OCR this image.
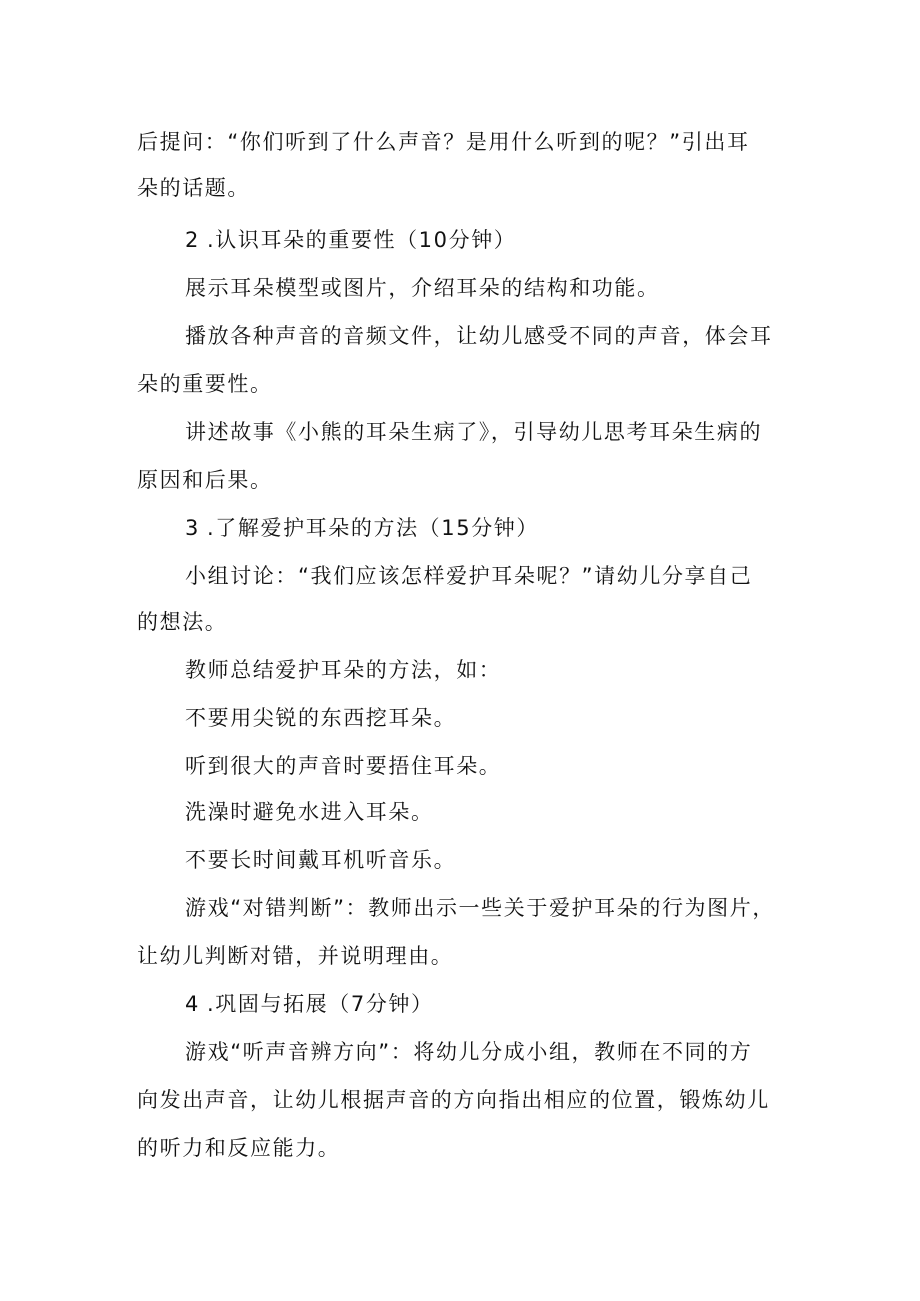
后提问：“你们听到了什么声音？是用什么听到的呢？”引出耳
朵的话题。
2 .认识耳朵的重要性（10分钟）
展示耳朵模型或图片，介绍耳朵的结构和功能。
播放各种声音的音频文件，让幼儿感受不同的声音，体会耳
朵的重要性。
讲述故事《小熊的耳朵生病了》，引导幼儿思考耳朵生病的
原因和后果。
3 .了解爱护耳朵的方法（15分钟）
小组讨论：“我们应该怎样爱护耳朵呢？”请幼儿分享自己
的想法。
教师总结爱护耳朵的方法，如：
不要用尖锐的东西挖耳朵。
听到很大的声音时要捂住耳朵。
洗澡时避免水进入耳朵。
不要长时间戴耳机听音乐。
游戏“对错判断”：教师出示一些关于爱护耳朵的行为图片，
让幼儿判断对错，并说明理由。
4 .巩固与拓展（7分钟）
游戏“听声音辨方向”：将幼儿分成小组，教师在不同的方
向发出声音，让幼儿根据声音的方向指出相应的位置，锻炼幼儿
的听力和反应能力。
